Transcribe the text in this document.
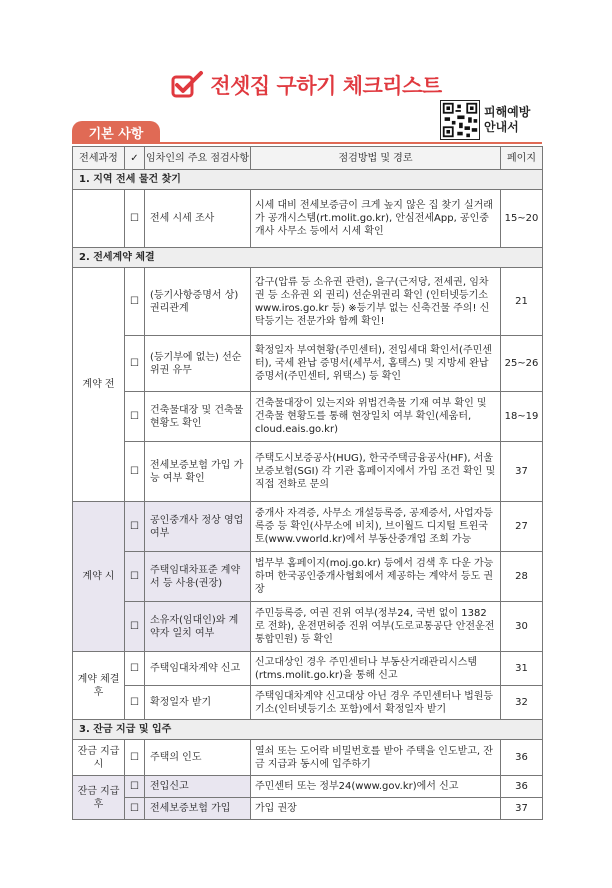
전셋집 구하기 체크리스트
피해예방
안내서
기본 사항
전세과정	✓	임차인의 주요 점검사항	점검방법 및 경로	페이지
1. 지역 전세 물건 찾기				
	☐	전세 시세 조사	시세 대비 전세보증금이 크게 높지 않은 집 찾기 실거래가 공개시스템(rt.molit.go.kr), 안심전세App, 공인중개사 사무소 등에서 시세 확인	15~20
2. 전세계약 체결				
계약 전	☐	(등기사항증명서 상) 권리관계	갑구(압류 등 소유권 관련), 을구(근저당, 전세권, 임차권 등 소유권 외 권리) 선순위권리 확인 (인터넷등기소 www.iros.go.kr 등) ※등기부 없는 신축건물 주의! 신탁등기는 전문가와 함께 확인!	21
	☐	(등기부에 없는) 선순위권 유무	확정일자 부여현황(주민센터), 전입세대 확인서(주민센터), 국세 완납 증명서(세무서, 홈택스) 및 지방세 완납 증명서(주민센터, 위택스) 등 확인	25~26
	☐	건축물대장 및 건축물 현황도 확인	건축물대장이 있는지와 위법건축물 기재 여부 확인 및 건축물 현황도를 통해 현장일치 여부 확인(세움터, cloud.eais.go.kr)	18~19
	☐	전세보증보험 가입 가능 여부 확인	주택도시보증공사(HUG), 한국주택금융공사(HF), 서울보증보험(SGI) 각 기관 홈페이지에서 가입 조건 확인 및 직접 전화로 문의	37
계약 시	☐	공인중개사 정상 영업 여부	중개사 자격증, 사무소 개설등록증, 공제증서, 사업자등록증 등 확인(사무소에 비치), 브이월드 디지털 트윈국토(www.vworld.kr)에서 부동산중개업 조회 가능	27
	☐	주택임대차표준 계약서 등 사용(권장)	법무부 홈페이지(moj.go.kr) 등에서 검색 후 다운 가능하며 한국공인중개사협회에서 제공하는 계약서 등도 권장	28
	☐	소유자(임대인)와 계약자 일치 여부	주민등록증, 여권 진위 여부(정부24, 국번 없이 1382로 전화), 운전면허증 진위 여부(도로교통공단 안전운전 통합민원) 등 확인	30
계약 체결 후	☐	주택임대차계약 신고	신고대상인 경우 주민센터나 부동산거래관리시스템(rtms.molit.go.kr)을 통해 신고	31
	☐	확정일자 받기	주택임대차계약 신고대상 아닌 경우 주민센터나 법원등기소(인터넷등기소 포함)에서 확정일자 받기	32
3. 잔금 지급 및 입주				
잔금 지급 시	☐	주택의 인도	열쇠 또는 도어락 비밀번호를 받아 주택을 인도받고, 잔금 지급과 동시에 입주하기	36
잔금 지급 후	☐	전입신고	주민센터 또는 정부24(www.gov.kr)에서 신고	36
	☐	전세보증보험 가입	가입 권장	37
